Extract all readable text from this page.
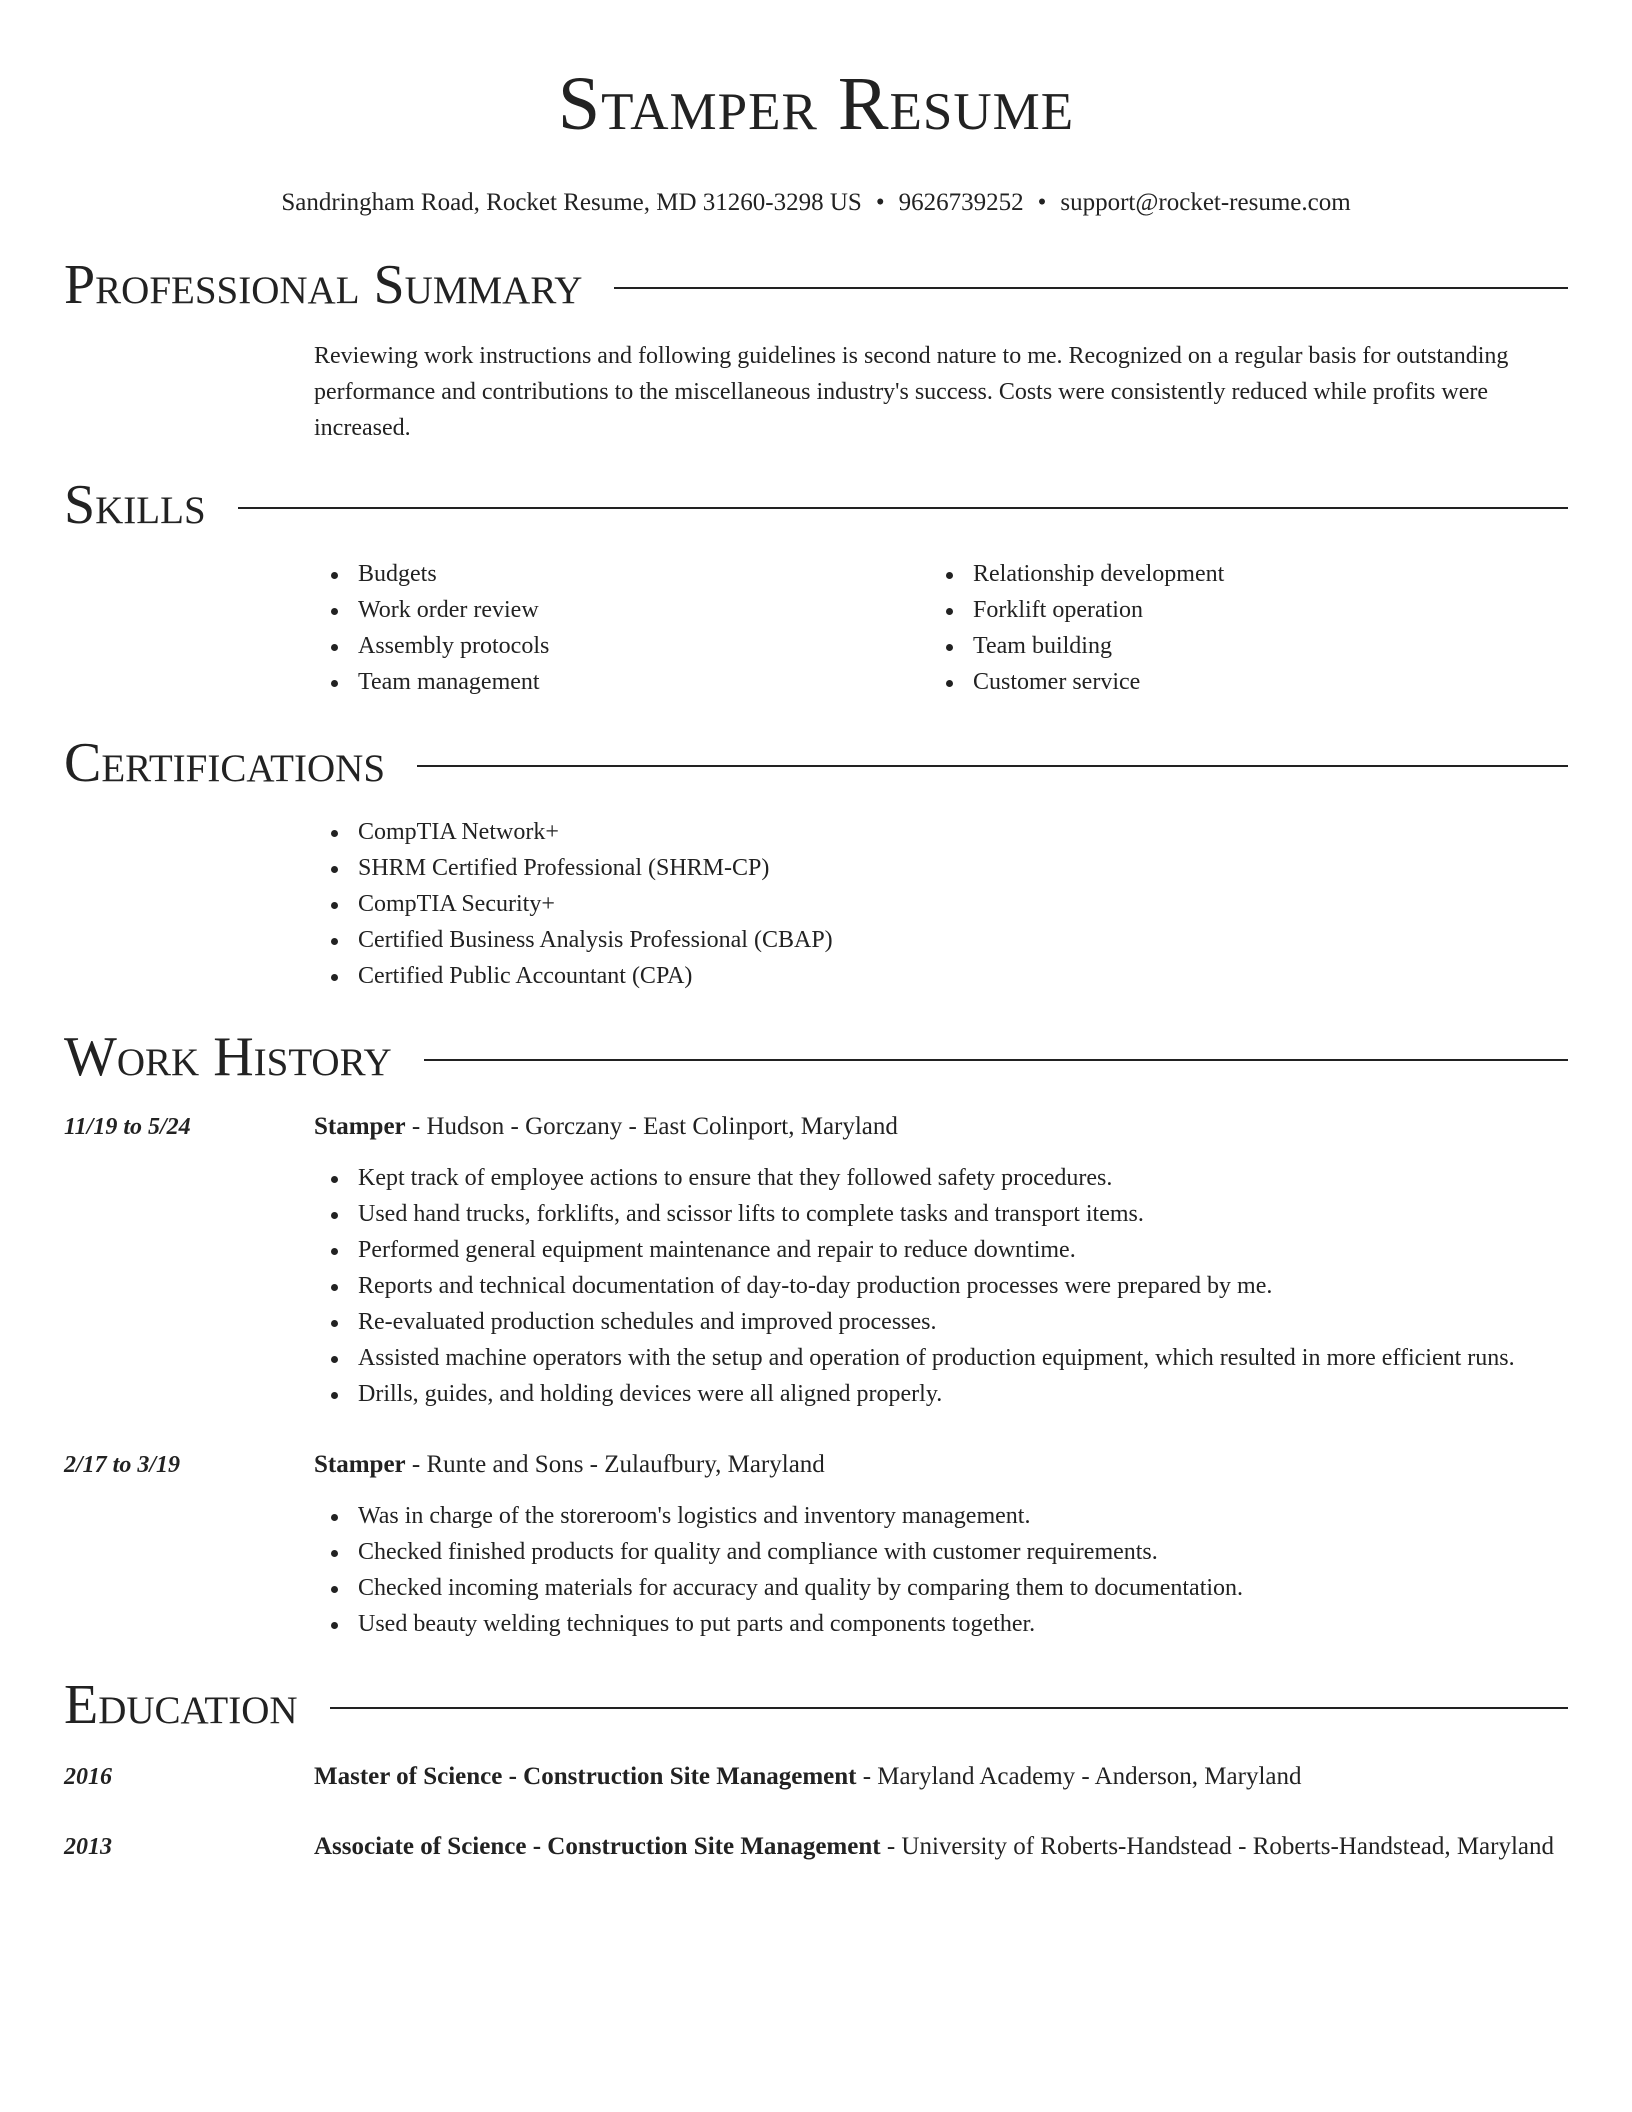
Stamper Resume
Sandringham Road, Rocket Resume, MD 31260-3298 US • 9626739252 • support@rocket-resume.com
Professional Summary
Reviewing work instructions and following guidelines is second nature to me. Recognized on a regular basis for outstanding performance and contributions to the miscellaneous industry's success. Costs were consistently reduced while profits were increased.
Skills
Budgets
Work order review
Assembly protocols
Team management
Relationship development
Forklift operation
Team building
Customer service
Certifications
CompTIA Network+
SHRM Certified Professional (SHRM-CP)
CompTIA Security+
Certified Business Analysis Professional (CBAP)
Certified Public Accountant (CPA)
Work History
11/19 to 5/24	Stamper - Hudson - Gorczany - East Colinport, Maryland
Kept track of employee actions to ensure that they followed safety procedures.
Used hand trucks, forklifts, and scissor lifts to complete tasks and transport items.
Performed general equipment maintenance and repair to reduce downtime.
Reports and technical documentation of day-to-day production processes were prepared by me.
Re-evaluated production schedules and improved processes.
Assisted machine operators with the setup and operation of production equipment, which resulted in more efficient runs.
Drills, guides, and holding devices were all aligned properly.
2/17 to 3/19	Stamper - Runte and Sons - Zulaufbury, Maryland
Was in charge of the storeroom's logistics and inventory management.
Checked finished products for quality and compliance with customer requirements.
Checked incoming materials for accuracy and quality by comparing them to documentation.
Used beauty welding techniques to put parts and components together.
Education
2016	Master of Science - Construction Site Management - Maryland Academy - Anderson, Maryland
2013	Associate of Science - Construction Site Management - University of Roberts-Handstead - Roberts-Handstead, Maryland
